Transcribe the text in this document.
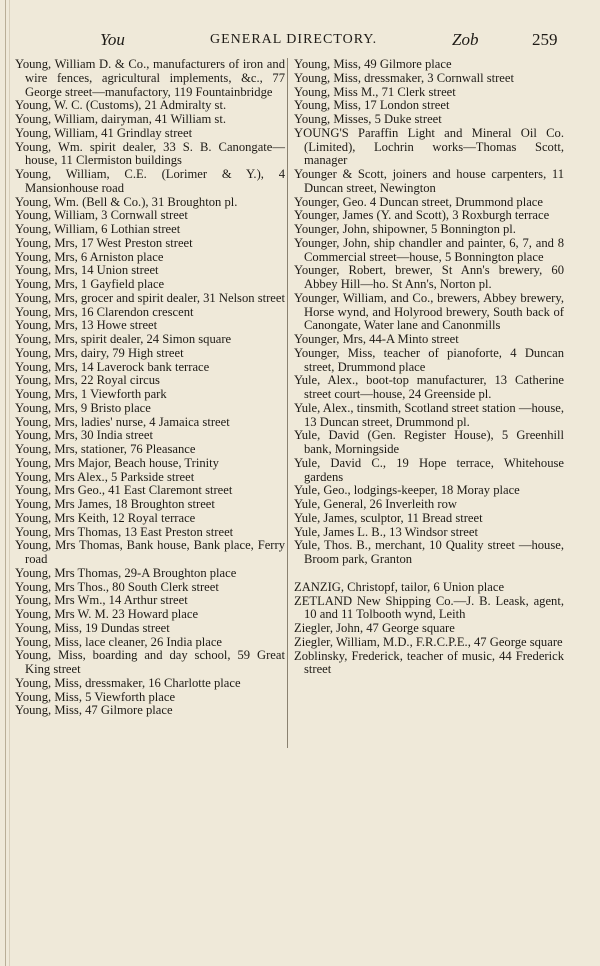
You	GENERAL DIRECTORY.	Zob	259

Young, William D. & Co., manufacturers of iron and wire fences, agricultural implements, &c., 77 George street—manufactory, 119 Fountainbridge

Young, W. C. (Customs), 21 Admiralty st.

Young, William, dairyman, 41 William st.

Young, William, 41 Grindlay street

Young, Wm. spirit dealer, 33 S. B. Canongate—house, 11 Clermiston buildings

Young, William, C.E. (Lorimer & Y.), 4 Mansionhouse road

Young, Wm. (Bell & Co.), 31 Broughton pl.

Young, William, 3 Cornwall street

Young, William, 6 Lothian street

Young, Mrs, 17 West Preston street

Young, Mrs, 6 Arniston place

Young, Mrs, 14 Union street

Young, Mrs, 1 Gayfield place

Young, Mrs, grocer and spirit dealer, 31 Nelson street

Young, Mrs, 16 Clarendon crescent

Young, Mrs, 13 Howe street

Young, Mrs, spirit dealer, 24 Simon square

Young, Mrs, dairy, 79 High street

Young, Mrs, 14 Laverock bank terrace

Young, Mrs, 22 Royal circus

Young, Mrs, 1 Viewforth park

Young, Mrs, 9 Bristo place

Young, Mrs, ladies' nurse, 4 Jamaica street

Young, Mrs, 30 India street

Young, Mrs, stationer, 76 Pleasance

Young, Mrs Major, Beach house, Trinity

Young, Mrs Alex., 5 Parkside street

Young, Mrs Geo., 41 East Claremont street

Young, Mrs James, 18 Broughton street

Young, Mrs Keith, 12 Royal terrace

Young, Mrs Thomas, 13 East Preston street

Young, Mrs Thomas, Bank house, Bank place, Ferry road

Young, Mrs Thomas, 29-A Broughton place

Young, Mrs Thos., 80 South Clerk street

Young, Mrs Wm., 14 Arthur street

Young, Mrs W. M. 23 Howard place

Young, Miss, 19 Dundas street

Young, Miss, lace cleaner, 26 India place

Young, Miss, boarding and day school, 59 Great King street

Young, Miss, dressmaker, 16 Charlotte place

Young, Miss, 5 Viewforth place

Young, Miss, 47 Gilmore place

Young, Miss, 49 Gilmore place

Young, Miss, dressmaker, 3 Cornwall street

Young, Miss M., 71 Clerk street

Young, Miss, 17 London street

Young, Misses, 5 Duke street

YOUNG'S Paraffin Light and Mineral Oil Co. (Limited), Lochrin works—Thomas Scott, manager

Younger & Scott, joiners and house carpenters, 11 Duncan street, Newington

Younger, Geo. 4 Duncan street, Drummond place

Younger, James (Y. and Scott), 3 Roxburgh terrace

Younger, John, shipowner, 5 Bonnington pl.

Younger, John, ship chandler and painter, 6, 7, and 8 Commercial street—house, 5 Bonnington place

Younger, Robert, brewer, St Ann's brewery, 60 Abbey Hill—ho. St Ann's, Norton pl.

Younger, William, and Co., brewers, Abbey brewery, Horse wynd, and Holyrood brewery, South back of Canongate, Water lane and Canonmills

Younger, Mrs, 44-A Minto street

Younger, Miss, teacher of pianoforte, 4 Duncan street, Drummond place

Yule, Alex., boot-top manufacturer, 13 Catherine street court—house, 24 Greenside pl.

Yule, Alex., tinsmith, Scotland street station —house, 13 Duncan street, Drummond pl.

Yule, David (Gen. Register House), 5 Greenhill bank, Morningside

Yule, David C., 19 Hope terrace, Whitehouse gardens

Yule, Geo., lodgings-keeper, 18 Moray place

Yule, General, 26 Inverleith row

Yule, James, sculptor, 11 Bread street

Yule, James L. B., 13 Windsor street

Yule, Thos. B., merchant, 10 Quality street —house, Broom park, Granton

ZANZIG, Christopf, tailor, 6 Union place

ZETLAND New Shipping Co.—J. B. Leask, agent, 10 and 11 Tolbooth wynd, Leith

Ziegler, John, 47 George square

Ziegler, William, M.D., F.R.C.P.E., 47 George square

Zoblinsky, Frederick, teacher of music, 44 Frederick street
